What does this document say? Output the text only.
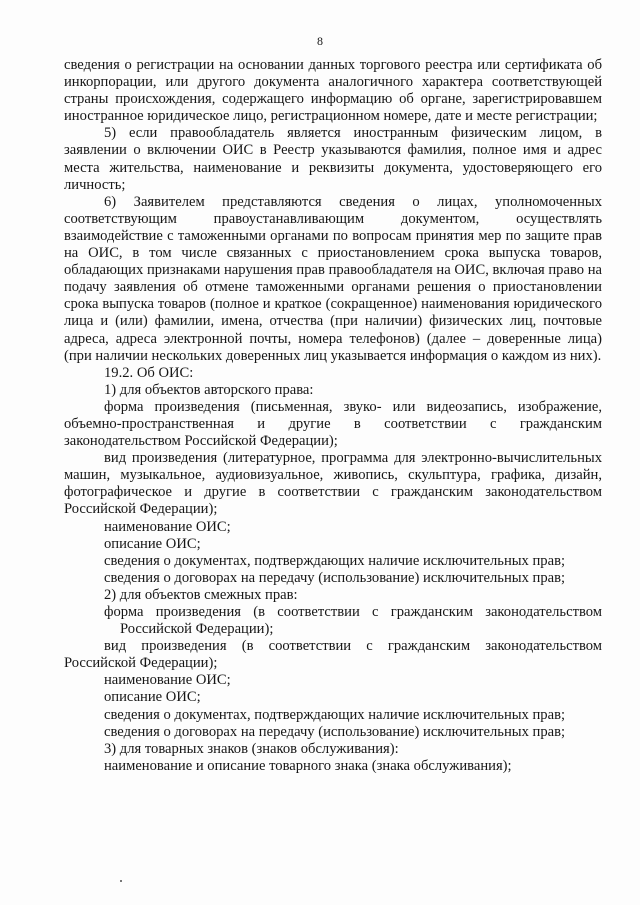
8

сведения о регистрации на основании данных торгового реестра или сертификата об инкорпорации, или другого документа аналогичного характера соответствующей страны происхождения, содержащего информацию об органе, зарегистрировавшем иностранное юридическое лицо, регистрационном номере, дате и месте регистрации;

5) если правообладатель является иностранным физическим лицом, в заявлении о включении ОИС в Реестр указываются фамилия, полное имя и адрес места жительства, наименование и реквизиты документа, удостоверяющего его личность;

6) Заявителем представляются сведения о лицах, уполномоченных соответствующим правоустанавливающим документом, осуществлять взаимодействие с таможенными органами по вопросам принятия мер по защите прав на ОИС, в том числе связанных с приостановлением срока выпуска товаров, обладающих признаками нарушения прав правообладателя на ОИС, включая право на подачу заявления об отмене таможенными органами решения о приостановлении срока выпуска товаров (полное и краткое (сокращенное) наименования юридического лица и (или) фамилии, имена, отчества (при наличии) физических лиц, почтовые адреса, адреса электронной почты, номера телефонов) (далее – доверенные лица) (при наличии нескольких доверенных лиц указывается информация о каждом из них).

19.2. Об ОИС:

1) для объектов авторского права:

форма произведения (письменная, звуко- или видеозапись, изображение, объемно-пространственная и другие в соответствии с гражданским законодательством Российской Федерации);

вид произведения (литературное, программа для электронно-вычислительных машин, музыкальное, аудиовизуальное, живопись, скульптура, графика, дизайн, фотографическое и другие в соответствии с гражданским законодательством Российской Федерации);

наименование ОИС;

описание ОИС;

сведения о документах, подтверждающих наличие исключительных прав;

сведения о договорах на передачу (использование) исключительных прав;

2) для объектов смежных прав:

форма произведения (в соответствии с гражданским законодательством Российской Федерации);

вид произведения (в соответствии с гражданским законодательством Российской Федерации);

наименование ОИС;

описание ОИС;

сведения о документах, подтверждающих наличие исключительных прав;

сведения о договорах на передачу (использование) исключительных прав;

3) для товарных знаков (знаков обслуживания):

наименование и описание товарного знака (знака обслуживания);
